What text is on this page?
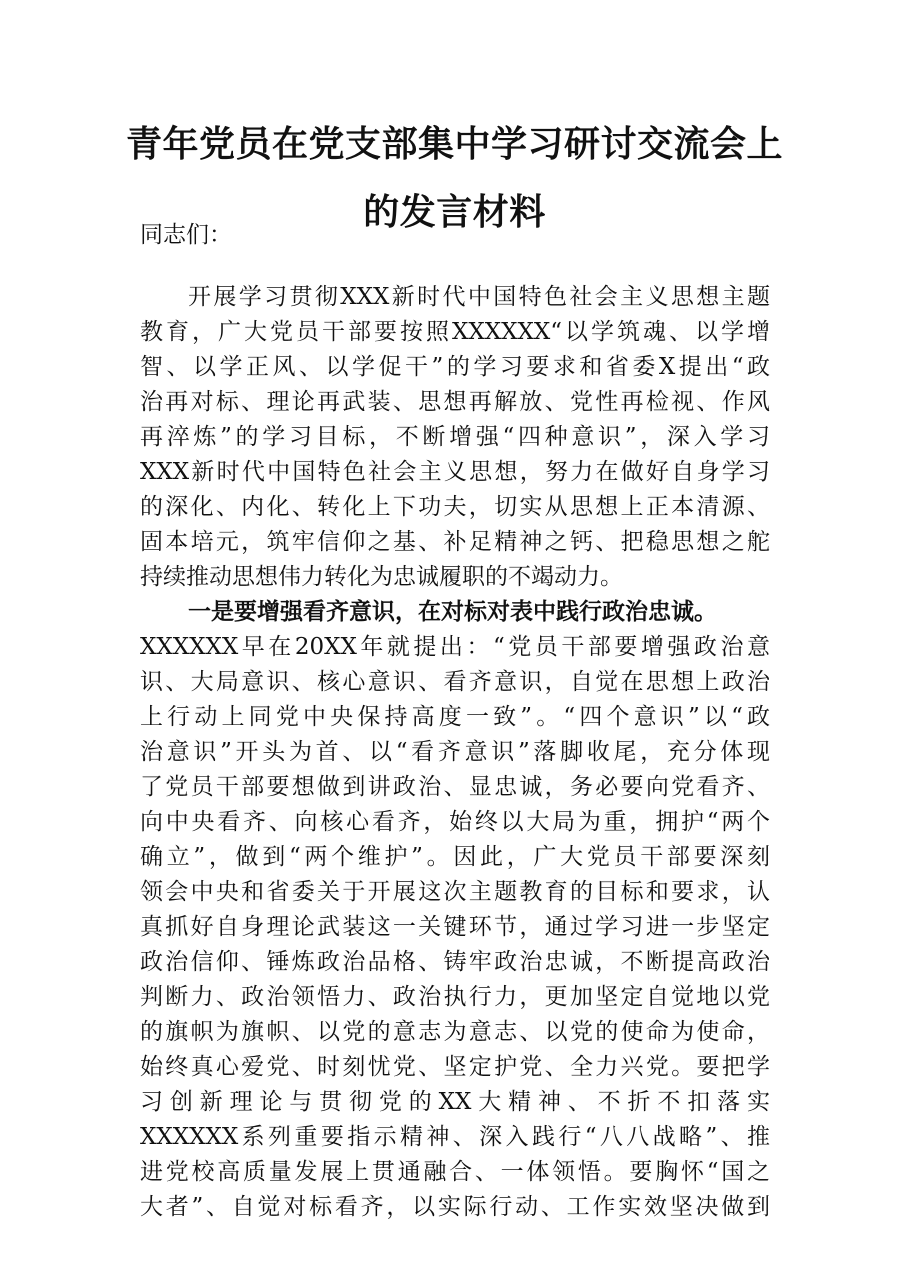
青年党员在党支部集中学习研讨交流会上
的发言材料
同志们：
开展学习贯彻XXX新时代中国特色社会主义思想主题
教育，广大党员干部要按照XXXXXX“以学筑魂、以学增
智、以学正风、以学促干”的学习要求和省委X提出“政
治再对标、理论再武装、思想再解放、党性再检视、作风
再淬炼”的学习目标，不断增强“四种意识”，深入学习
XXX新时代中国特色社会主义思想，努力在做好自身学习
的深化、内化、转化上下功夫，切实从思想上正本清源、
固本培元，筑牢信仰之基、补足精神之钙、把稳思想之舵
持续推动思想伟力转化为忠诚履职的不竭动力。
一是要增强看齐意识，在对标对表中践行政治忠诚。
XXXXXX早在20XX年就提出：“党员干部要增强政治意
识、大局意识、核心意识、看齐意识，自觉在思想上政治
上行动上同党中央保持高度一致”。“四个意识”以“政
治意识”开头为首、以“看齐意识”落脚收尾，充分体现
了党员干部要想做到讲政治、显忠诚，务必要向党看齐、
向中央看齐、向核心看齐，始终以大局为重，拥护“两个
确立”，做到“两个维护”。因此，广大党员干部要深刻
领会中央和省委关于开展这次主题教育的目标和要求，认
真抓好自身理论武装这一关键环节，通过学习进一步坚定
政治信仰、锤炼政治品格、铸牢政治忠诚，不断提高政治
判断力、政治领悟力、政治执行力，更加坚定自觉地以党
的旗帜为旗帜、以党的意志为意志、以党的使命为使命，
始终真心爱党、时刻忧党、坚定护党、全力兴党。要把学
习创新理论与贯彻党的XX大精神、不折不扣落实
XXXXXX系列重要指示精神、深入践行“八八战略”、推
进党校高质量发展上贯通融合、一体领悟。要胸怀“国之
大者”、自觉对标看齐，以实际行动、工作实效坚决做到
